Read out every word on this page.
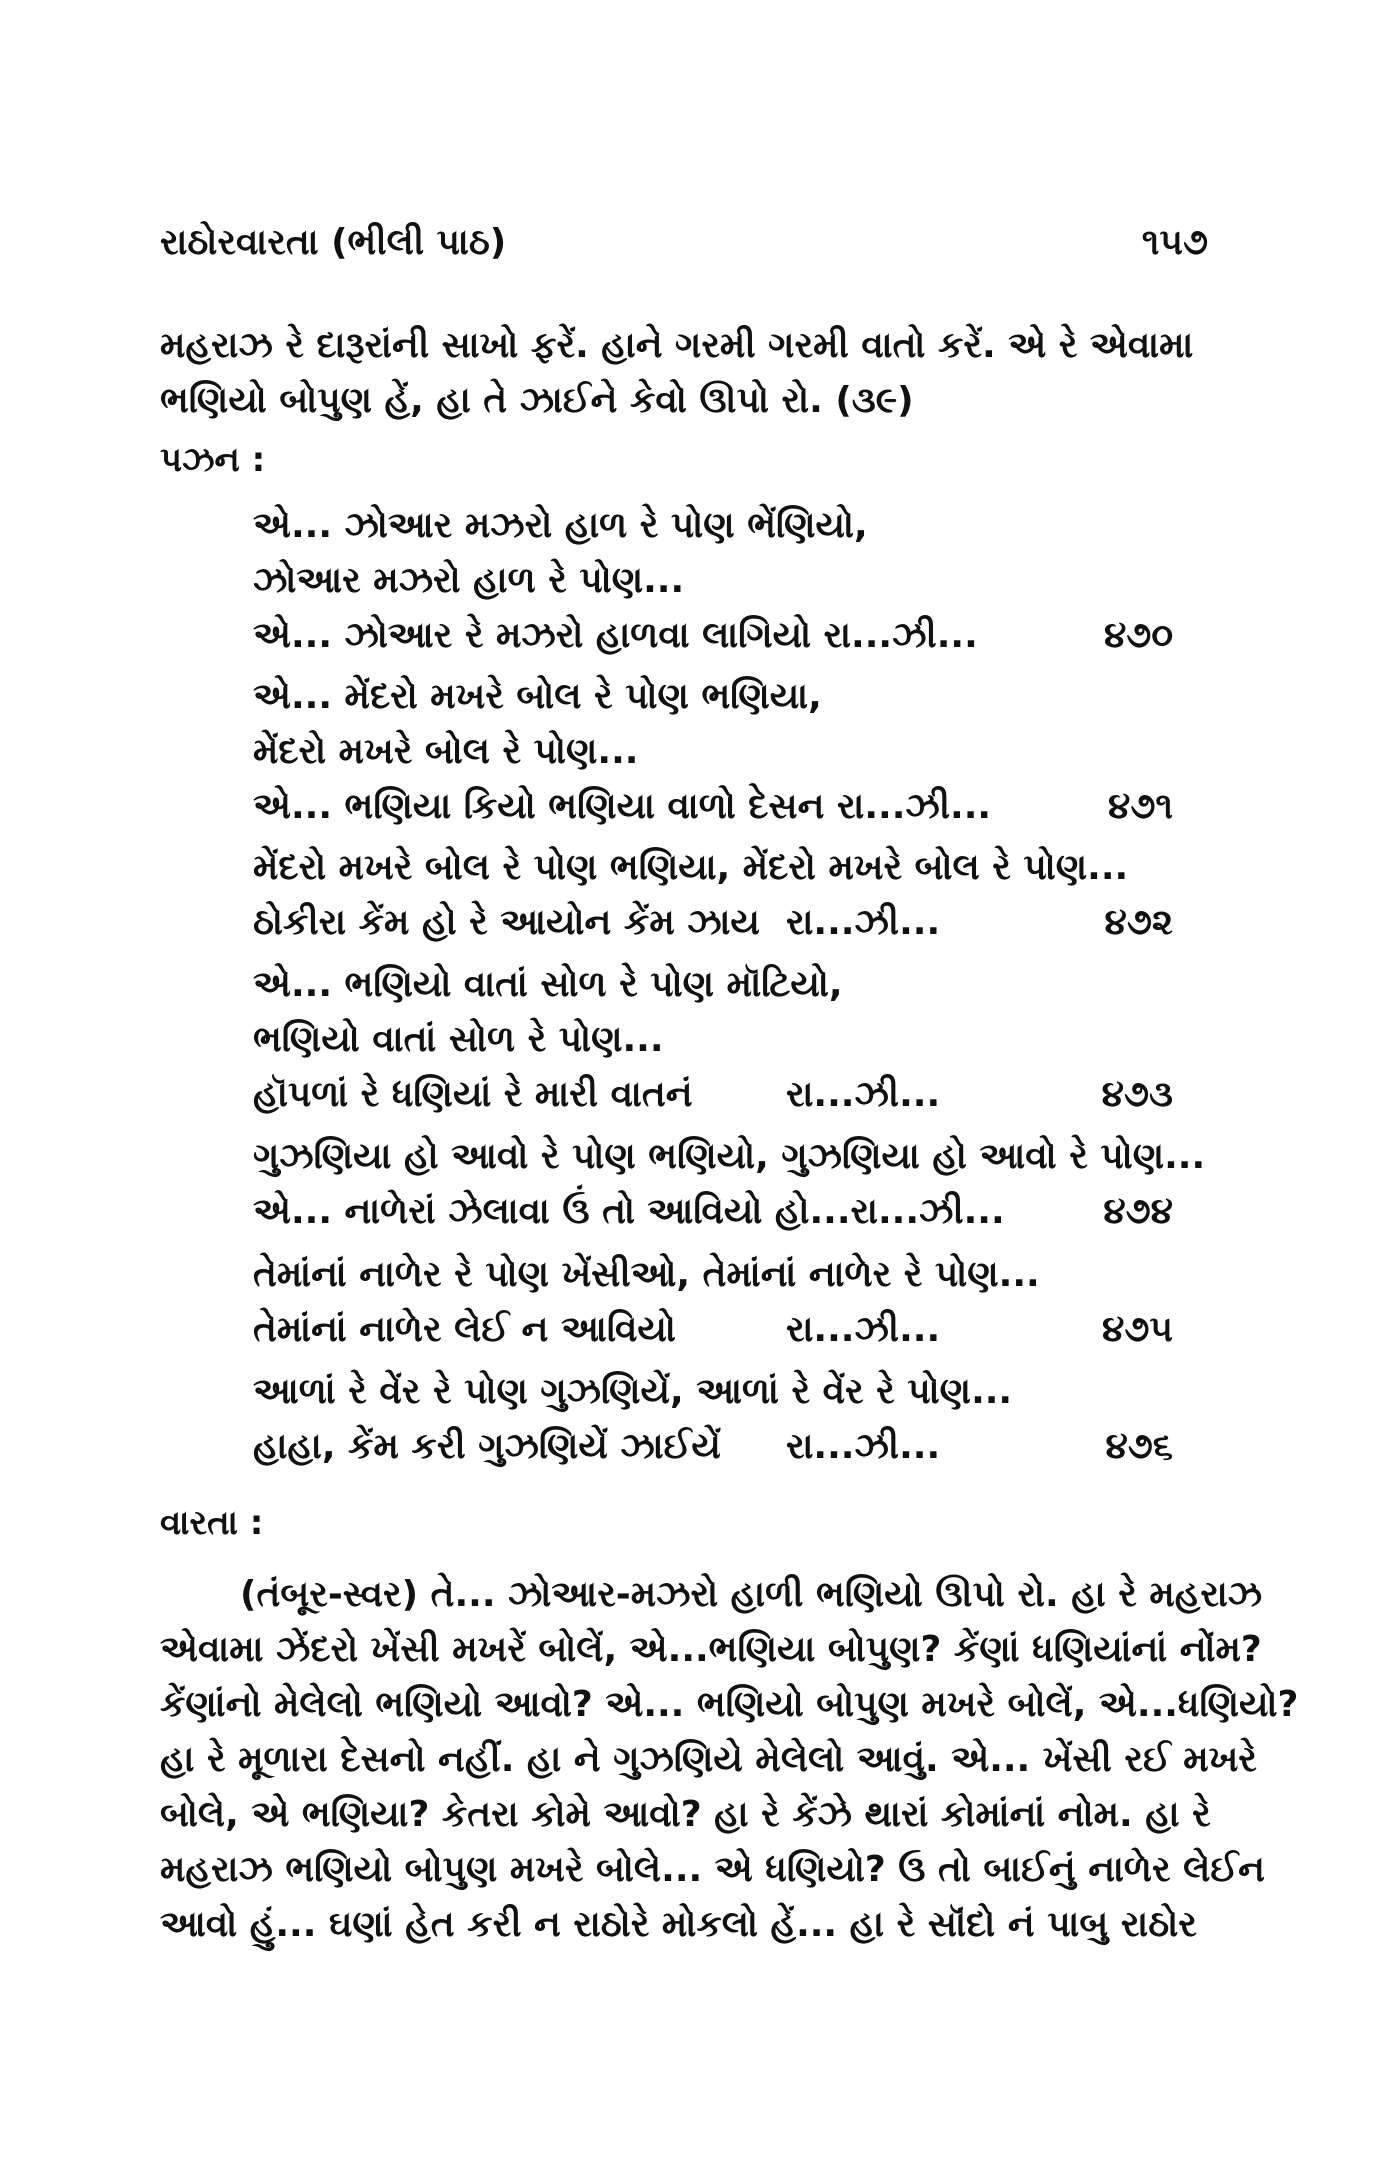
રાઠોરવારતા (ભીલી પાઠ)	૧૫૭
મહરાઝ રે દારૂરાંની સાખો ફરેં. હાને ગરમી ગરમી વાતો કરેં. એ રે એવામા
ભણિયો બોપુણ હેં, હા તે ઝાઈને કેવો ઊપો રો. (૩૯)
પઝન :
એ... ઝોઆર મઝરો હાળ રે પોણ ભેંણિયો,
ઝોઆર મઝરો હાળ રે પોણ...
એ... ઝોઆર રે મઝરો હાળવા લાગિયો રા...ઝી...	૪૭૦
એ... મેંદરો મખરે બોલ રે પોણ ભણિયા,
મેંદરો મખરે બોલ રે પોણ...
એ... ભણિયા કિયો ભણિયા વાળો દેસન રા...ઝી...	૪૭૧
મેંદરો મખરે બોલ રે પોણ ભણિયા, મેંદરો મખરે બોલ રે પોણ...
ઠોકીરા કેંમ હો રે આયોન કેંમ ઝાય રા...ઝી...	૪૭૨
એ... ભણિયો વાતાં સોળ રે પોણ મૉટિયો,
ભણિયો વાતાં સોળ રે પોણ...
હૉપળાં રે ધણિયાં રે મારી વાતનં	રા...ઝી...	૪૭૩
ગુઝણિયા હો આવો રે પોણ ભણિયો, ગુઝણિયા હો આવો રે પોણ...
એ... નાળેરાં ઝેલાવા ઉં તો આવિયો હો...રા...ઝી...	૪૭૪
તેમાંનાં નાળેર રે પોણ ખેંસીઓ, તેમાંનાં નાળેર રે પોણ...
તેમાંનાં નાળેર લેઈ ન આવિયો	રા...ઝી...	૪૭૫
આળાં રે વેંર રે પોણ ગુઝણિયેં, આળાં રે વેંર રે પોણ...
હાહા, કેંમ કરી ગુઝણિયેં ઝાઈયેં રા...ઝી...	૪૭૬
વારતા :
(તંબૂર-સ્વર) તે... ઝોઆર-મઝરો હાળી ભણિયો ઊપો રો. હા રે મહરાઝ
એવામા ઝેંદરો ખેંસી મખરેં બોલેં, એ...ભણિયા બોપુણ? કેંણાં ધણિયાંનાં નોંમ?
કેંણાંનો મેલેલો ભણિયો આવો? એ... ભણિયો બોપુણ મખરે બોલેં, એ...ધણિયો?
હા રે મૂળારા દેસનો નહીં. હા ને ગુઝણિયે મેલેલો આવું. એ... ખેંસી રઈ મખરે
બોલે, એ ભણિયા? કેતરા કોમે આવો? હા રે કેંઝે થારાં કોમાંનાં નોમ. હા રે
મહરાઝ ભણિયો બોપુણ મખરે બોલે... એ ધણિયો? ઉ તો બાઈનું નાળેર લેઈન
આવો હું... ઘણાં હેત કરી ન રાઠોરે મોકલો હેં... હા રે સૉંદો નં પાબુ રાઠોર
